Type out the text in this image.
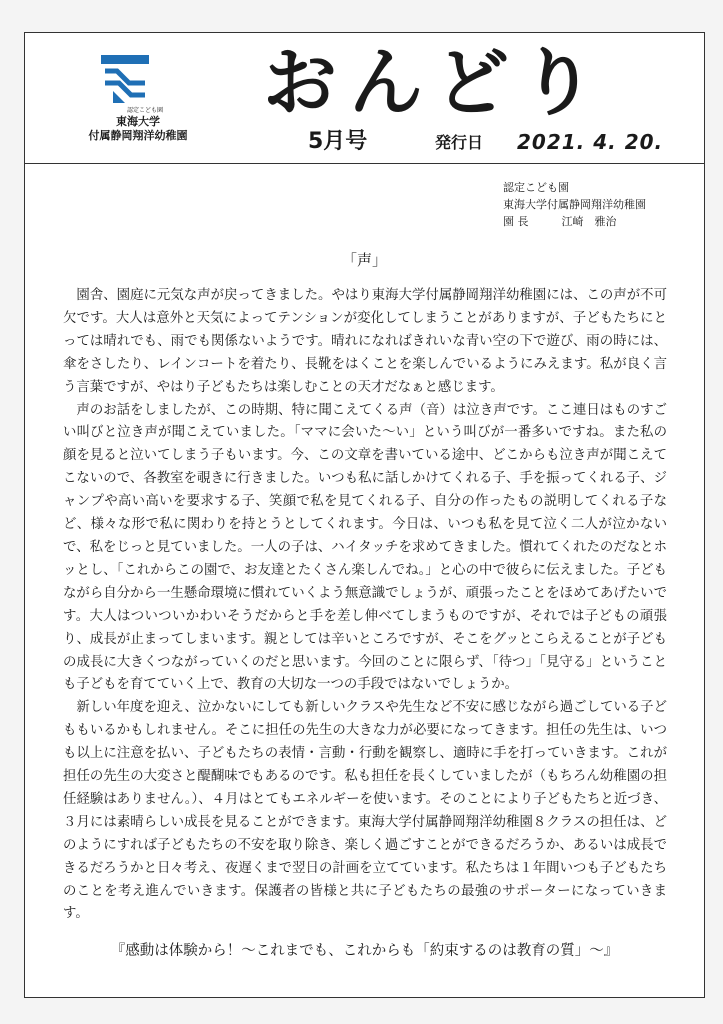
認定こども園
東海大学
付属静岡翔洋幼稚園
おんどり
5月号	発行日 2021. 4. 20.
認定こども園
東海大学付属静岡翔洋幼稚園
園 長　　　江崎　雅治
「声」

園舎、園庭に元気な声が戻ってきました。やはり東海大学付属静岡翔洋幼稚園には、この声が不可欠です。大人は意外と天気によってテンションが変化してしまうことがありますが、子どもたちにとっては晴れでも、雨でも関係ないようです。晴れになればきれいな青い空の下で遊び、雨の時には、傘をさしたり、レインコートを着たり、長靴をはくことを楽しんでいるようにみえます。私が良く言う言葉ですが、やはり子どもたちは楽しむことの天才だなぁと感じます。

声のお話をしましたが、この時期、特に聞こえてくる声（音）は泣き声です。ここ連日はものすごい叫びと泣き声が聞こえていました。「ママに会いた～い」という叫びが一番多いですね。また私の顔を見ると泣いてしまう子もいます。今、この文章を書いている途中、どこからも泣き声が聞こえてこないので、各教室を覗きに行きました。いつも私に話しかけてくれる子、手を振ってくれる子、ジャンプや高い高いを要求する子、笑顔で私を見てくれる子、自分の作ったもの説明してくれる子など、様々な形で私に関わりを持とうとしてくれます。今日は、いつも私を見て泣く二人が泣かないで、私をじっと見ていました。一人の子は、ハイタッチを求めてきました。慣れてくれたのだなとホッとし、「これからこの園で、お友達とたくさん楽しんでね。」と心の中で彼らに伝えました。子どもながら自分から一生懸命環境に慣れていくよう無意識でしょうが、頑張ったことをほめてあげたいです。大人はついついかわいそうだからと手を差し伸べてしまうものですが、それでは子どもの頑張り、成長が止まってしまいます。親としては辛いところですが、そこをグッとこらえることが子どもの成長に大きくつながっていくのだと思います。今回のことに限らず、「待つ」「見守る」ということも子どもを育てていく上で、教育の大切な一つの手段ではないでしょうか。

新しい年度を迎え、泣かないにしても新しいクラスや先生など不安に感じながら過ごしている子どももいるかもしれません。そこに担任の先生の大きな力が必要になってきます。担任の先生は、いつも以上に注意を払い、子どもたちの表情・言動・行動を観察し、適時に手を打っていきます。これが担任の先生の大変さと醍醐味でもあるのです。私も担任を長くしていましたが（もちろん幼稚園の担任経験はありません。）、４月はとてもエネルギーを使います。そのことにより子どもたちと近づき、３月には素晴らしい成長を見ることができます。東海大学付属静岡翔洋幼稚園８クラスの担任は、どのようにすれば子どもたちの不安を取り除き、楽しく過ごすことができるだろうか、あるいは成長できるだろうかと日々考え、夜遅くまで翌日の計画を立てています。私たちは１年間いつも子どもたちのことを考え進んでいきます。保護者の皆様と共に子どもたちの最強のサポーターになっていきます。

『感動は体験から！～これまでも、これからも「約束するのは教育の質」～』
